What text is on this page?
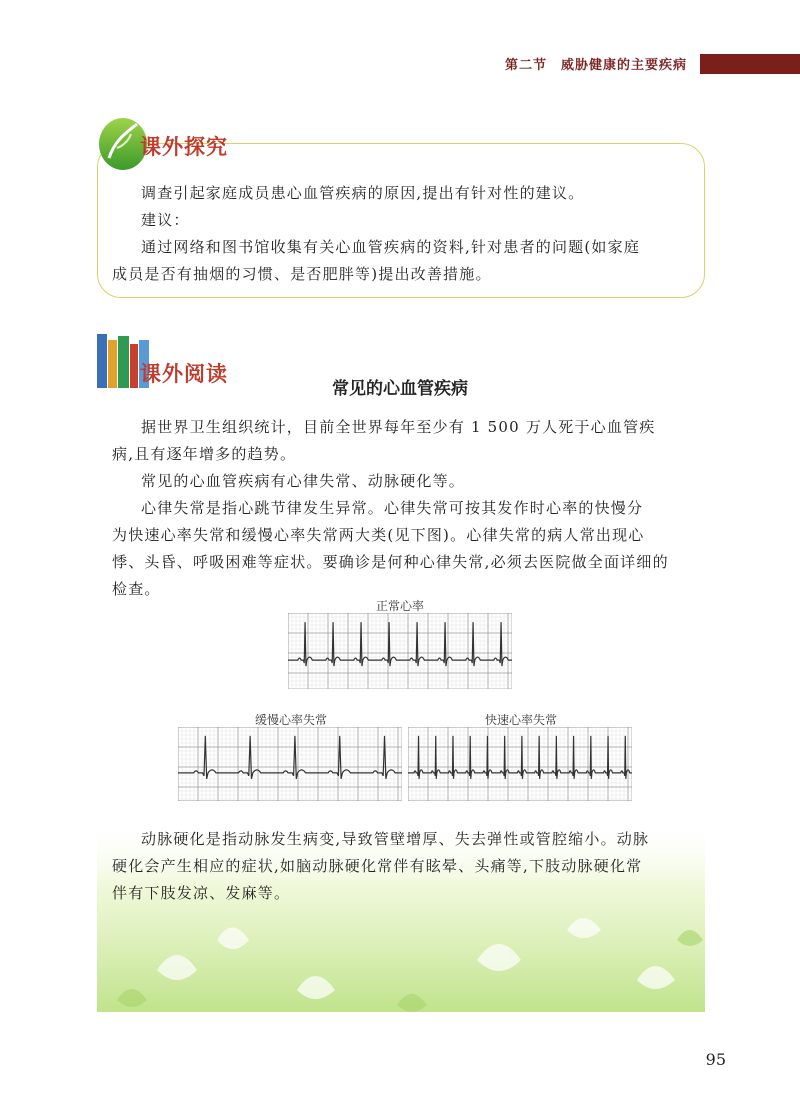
第二节　威胁健康的主要疾病
课外探究
调查引起家庭成员患心血管疾病的原因,提出有针对性的建议。
建议：
通过网络和图书馆收集有关心血管疾病的资料,针对患者的问题(如家庭
成员是否有抽烟的习惯、是否肥胖等)提出改善措施。
课外阅读
常见的心血管疾病
据世界卫生组织统计，目前全世界每年至少有 1 500 万人死于心血管疾
病,且有逐年增多的趋势。
常见的心血管疾病有心律失常、动脉硬化等。
心律失常是指心跳节律发生异常。心律失常可按其发作时心率的快慢分
为快速心率失常和缓慢心率失常两大类(见下图)。心律失常的病人常出现心
悸、头昏、呼吸困难等症状。要确诊是何种心律失常,必须去医院做全面详细的
检查。
正常心率
缓慢心率失常	快速心率失常
动脉硬化是指动脉发生病变,导致管壁增厚、失去弹性或管腔缩小。动脉
硬化会产生相应的症状,如脑动脉硬化常伴有眩晕、头痛等,下肢动脉硬化常
伴有下肢发凉、发麻等。
95
